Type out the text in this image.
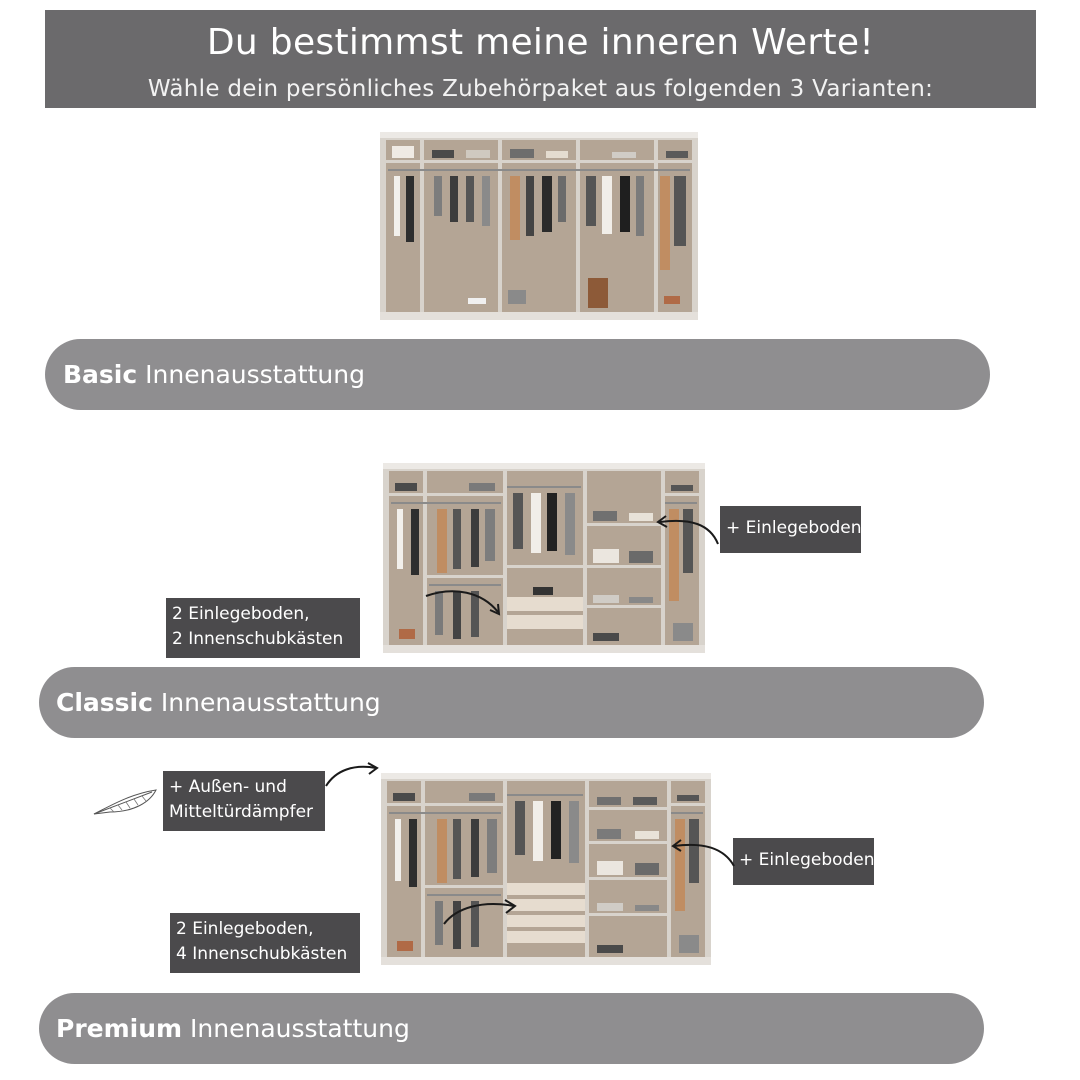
Du bestimmst meine inneren Werte!
Wähle dein persönliches Zubehörpaket aus folgenden 3 Varianten:
Basic Innenausstattung
+ Einlegeboden
2 Einlegeboden,
2 Innenschubkästen
Classic Innenausstattung
+ Außen- und
Mitteltürdämpfer
+ Einlegeboden
2 Einlegeboden,
4 Innenschubkästen
Premium Innenausstattung
